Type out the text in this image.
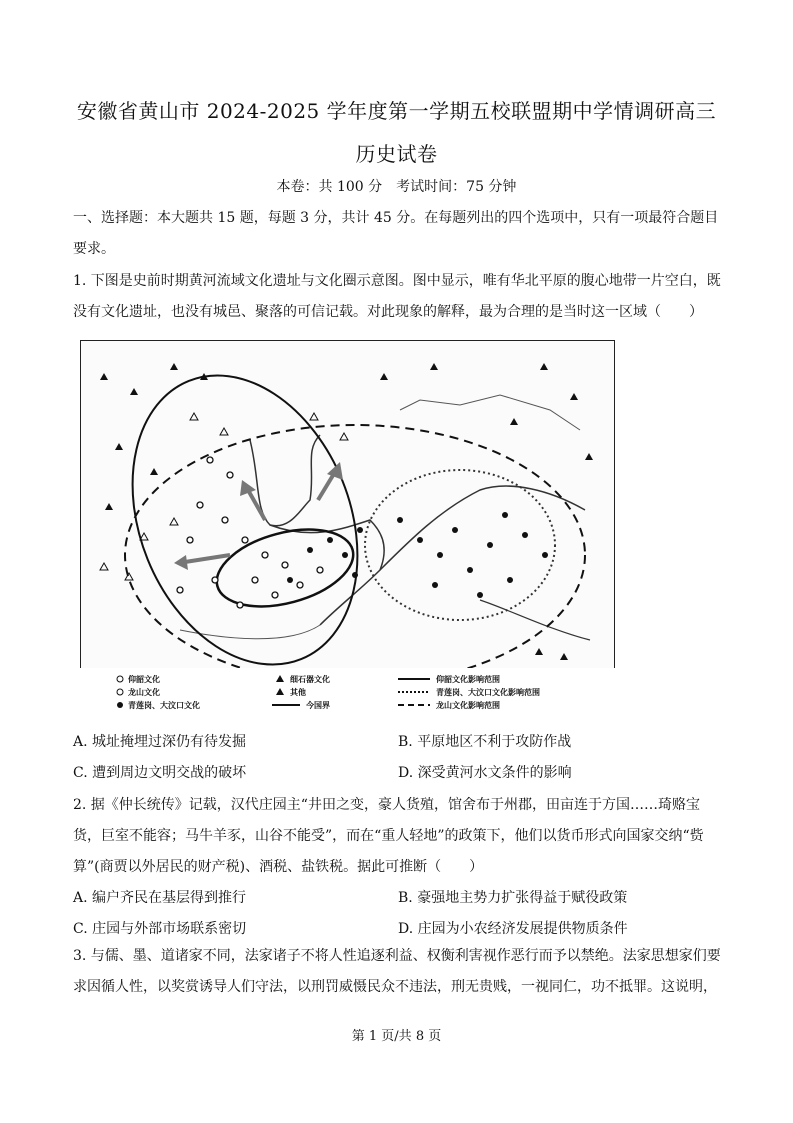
安徽省黄山市 2024-2025 学年度第一学期五校联盟期中学情调研高三
历史试卷
本卷：共 100 分　考试时间：75 分钟
一、选择题：本大题共 15 题，每题 3 分，共计 45 分。在每题列出的四个选项中，只有一项最符合题目要求。
1. 下图是史前时期黄河流域文化遗址与文化圈示意图。图中显示，唯有华北平原的腹心地带一片空白，既没有文化遗址，也没有城邑、聚落的可信记载。对此现象的解释，最为合理的是当时这一区域（　　）
仰韶文化
龙山文化
青莲岗、大汶口文化
细石器文化
其他
今国界
仰韶文化影响范围
青莲岗、大汶口文化影响范围
龙山文化影响范围
A. 城址掩埋过深仍有待发掘	B. 平原地区不利于攻防作战
C. 遭到周边文明交战的破坏	D. 深受黄河水文条件的影响
2. 据《仲长统传》记载，汉代庄园主“井田之变，豪人货殖，馆舍布于州郡，田亩连于方国……琦赂宝货，巨室不能容；马牛羊豕，山谷不能受”，而在“重人轻地”的政策下，他们以货币形式向国家交纳“赀算”(商贾以外居民的财产税)、酒税、盐铁税。据此可推断（　　）
A. 编户齐民在基层得到推行	B. 豪强地主势力扩张得益于赋役政策
C. 庄园与外部市场联系密切	D. 庄园为小农经济发展提供物质条件
3. 与儒、墨、道诸家不同，法家诸子不将人性追逐利益、权衡利害视作恶行而予以禁绝。法家思想家们要求因循人性，以奖赏诱导人们守法，以刑罚威慑民众不违法，刑无贵贱，一视同仁，功不抵罪。这说明，
第 1 页/共 8 页
